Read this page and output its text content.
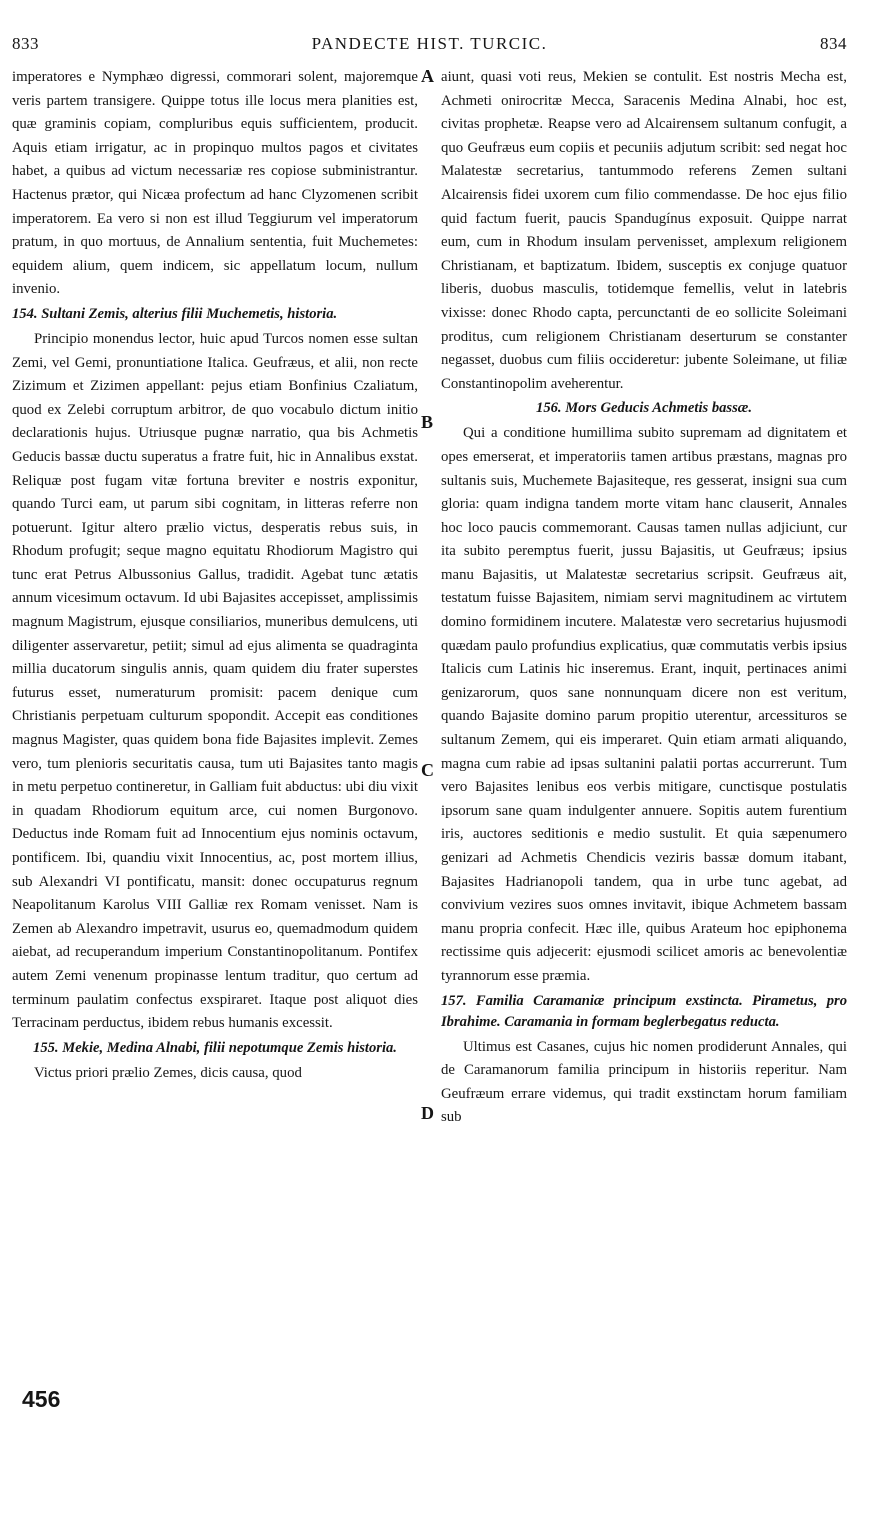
833	PANDECTE HIST. TURCIC.	834

imperatores e Nymphæo digressi, commorari solent, majoremque veris partem transigere. Quippe totus ille locus mera planities est, quæ graminis copiam, compluribus equis sufficientem, producit. Aquis etiam irrigatur, ac in propinquo multos pagos et civitates habet, a quibus ad victum necessariæ res copiose subministrantur. Hactenus prætor, qui Nicæa profectum ad hanc Clyzomenen scribit imperatorem. Ea vero si non est illud Teggiurum vel imperatorum pratum, in quo mortuus, de Annalium sententia, fuit Muchemetes: equidem alium, quem indicem, sic appellatum locum, nullum invenio.

154. Sultani Zemis, alterius filii Muchemetis, historia.

Principio monendus lector, huic apud Turcos nomen esse sultan Zemi, vel Gemi, pronuntiatione Italica. Geufræus, et alii, non recte Zizimum et Zizimen appellant: pejus etiam Bonfinius Czaliatum, quod ex Zelebi corruptum arbitror, de quo vocabulo dictum initio declarationis hujus. Utriusque pugnæ narratio, qua bis Achmetis Geducis bassæ ductu superatus a fratre fuit, hic in Annalibus exstat. Reliquæ post fugam vitæ fortuna breviter e nostris exponitur, quando Turci eam, ut parum sibi cognitam, in litteras referre non potuerunt. Igitur altero prælio victus, desperatis rebus suis, in Rhodum profugit; seque magno equitatu Rhodiorum Magistro qui tunc erat Petrus Albussonius Gallus, tradidit. Agebat tunc ætatis annum vicesimum octavum. Id ubi Bajasites accepisset, amplissimis magnum Magistrum, ejusque consiliarios, muneribus demulcens, uti diligenter asservaretur, petiit; simul ad ejus alimenta se quadraginta millia ducatorum singulis annis, quam quidem diu frater superstes futurus esset, numeraturum promisit: pacem denique cum Christianis perpetuam culturum spopondit. Accepit eas conditiones magnus Magister, quas quidem bona fide Bajasites implevit. Zemes vero, tum plenioris securitatis causa, tum uti Bajasites tanto magis in metu perpetuo contineretur, in Galliam fuit abductus: ubi diu vixit in quadam Rhodiorum equitum arce, cui nomen Burgonovo. Deductus inde Romam fuit ad Innocentium ejus nominis octavum, pontificem. Ibi, quandiu vixit Innocentius, ac, post mortem illius, sub Alexandri VI pontificatu, mansit: donec occupaturus regnum Neapolitanum Karolus VIII Galliæ rex Romam venisset. Nam is Zemen ab Alexandro impetravit, usurus eo, quemadmodum quidem aiebat, ad recuperandum imperium Constantinopolitanum. Pontifex autem Zemi venenum propinasse lentum traditur, quo certum ad terminum paulatim confectus exspiraret. Itaque post aliquot dies Terracinam perductus, ibidem rebus humanis excessit.

155. Mekie, Medina Alnabi, filii nepotumque Zemis historia.

Victus priori prælio Zemes, dicis causa, quod

aiunt, quasi voti reus, Mekien se contulit. Est nostris Mecha est, Achmeti onirocritæ Mecca, Saracenis Medina Alnabi, hoc est, civitas prophetæ. Reapse vero ad Alcairensem sultanum confugit, a quo Geufræus eum copiis et pecuniis adjutum scribit: sed negat hoc Malatestæ secretarius, tantummodo referens Zemen sultani Alcairensis fidei uxorem cum filio commendasse. De hoc ejus filio quid factum fuerit, paucis Spandugínus exposuit. Quippe narrat eum, cum in Rhodum insulam pervenisset, amplexum religionem Christianam, et baptizatum. Ibidem, susceptis ex conjuge quatuor liberis, duobus masculis, totidemque femellis, velut in latebris vixisse: donec Rhodo capta, percunctanti de eo sollicite Soleimani proditus, cum religionem Christianam deserturum se constanter negasset, duobus cum filiis occideretur: jubente Soleimane, ut filiæ Constantinopolim aveherentur.

156. Mors Geducis Achmetis bassæ.

Qui a conditione humillima subito supremam ad dignitatem et opes emerserat, et imperatoriis tamen artibus præstans, magnas pro sultanis suis, Muchemete Bajasiteque, res gesserat, insigni sua cum gloria: quam indigna tandem morte vitam hanc clauserit, Annales hoc loco paucis commemorant. Causas tamen nullas adjiciunt, cur ita subito peremptus fuerit, jussu Bajasitis, ut Geufræus; ipsius manu Bajasitis, ut Malatestæ secretarius scripsit. Geufræus ait, testatum fuisse Bajasitem, nimiam servi magnitudinem ac virtutem domino formidinem incutere. Malatestæ vero secretarius hujusmodi quædam paulo profundius explicatius, quæ commutatis verbis ipsius Italicis cum Latinis hic inseremus. Erant, inquit, pertinaces animi genizarorum, quos sane nonnunquam dicere non est veritum, quando Bajasite domino parum propitio uterentur, arcessituros se sultanum Zemem, qui eis imperaret. Quin etiam armati aliquando, magna cum rabie ad ipsas sultanini palatii portas accurrerunt. Tum vero Bajasites lenibus eos verbis mitigare, cunctisque postulatis ipsorum sane quam indulgenter annuere. Sopitis autem furentium iris, auctores seditionis e medio sustulit. Et quia sæpenumero genizari ad Achmetis Chendicis veziris bassæ domum itabant, Bajasites Hadrianopoli tandem, qua in urbe tunc agebat, ad convivium vezires suos omnes invitavit, ibique Achmetem bassam manu propria confecit. Hæc ille, quibus Arateum hoc epiphonema rectissime quis adjecerit: ejusmodi scilicet amoris ac benevolentiæ tyrannorum esse præmia.

157. Familia Caramaniæ principum exstincta. Pirametus, pro Ibrahime. Caramania in formam beglerbegatus reducta.

Ultimus est Casanes, cujus hic nomen prodiderunt Annales, qui de Caramanorum familia principum in historiis reperitur. Nam Geufræum errare videmus, qui tradit exstinctam horum familiam sub

A
B
C
D
456
